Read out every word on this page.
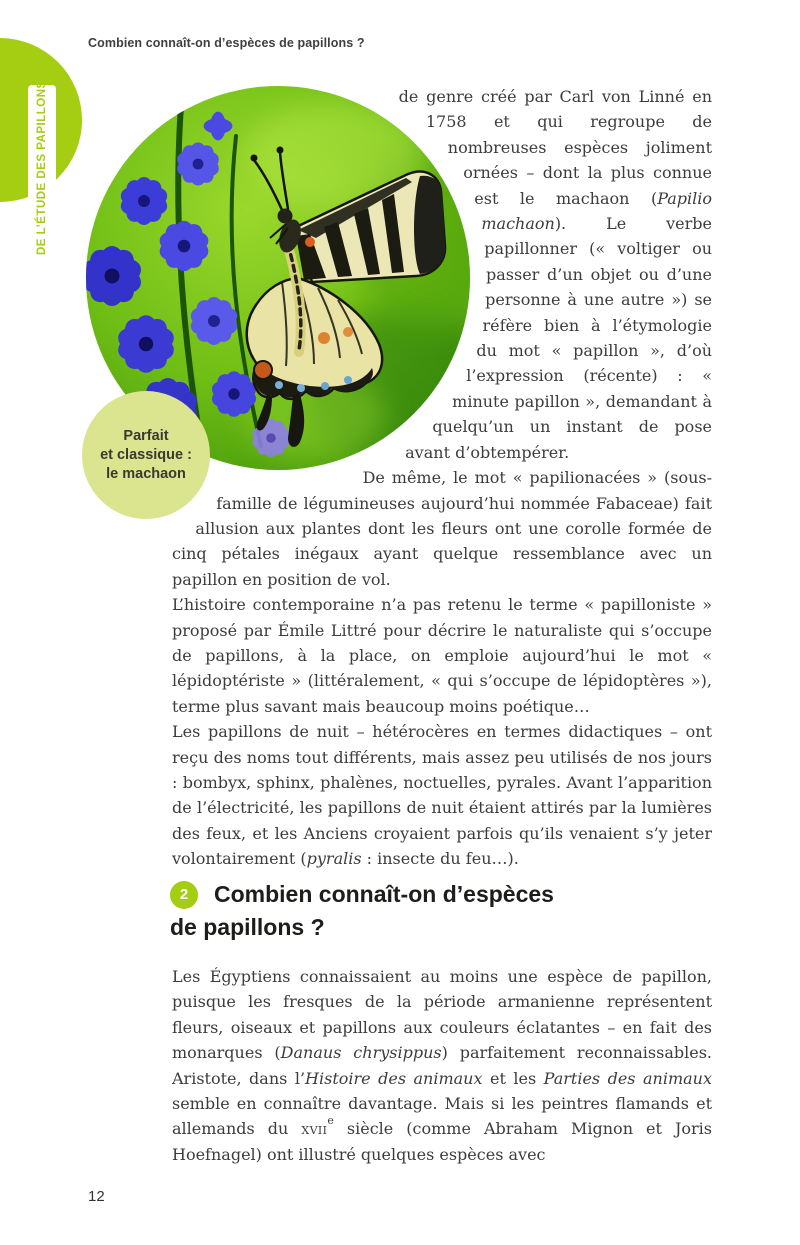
Combien connaît-on d’espèces de papillons ?
DE L’ÉTUDE DES PAPILLONS
Parfait
et classique :
le machaon

de genre créé par Carl von Linné en 1758 et qui regroupe de nombreuses espèces joliment ornées – dont la plus connue est le machaon (Papilio machaon). Le verbe papillonner (« voltiger ou passer d’un objet ou d’une personne à une autre ») se réfère bien à l’étymologie du mot « papillon », d’où l’expression (récente) : « minute papillon », demandant à quelqu’un un instant de pose avant d’obtempérer.

De même, le mot « papilionacées » (sous-famille de légumineuses aujourd’hui nommée Fabaceae) fait allusion aux plantes dont les fleurs ont une corolle formée de cinq pétales inégaux ayant quelque ressemblance avec un papillon en position de vol.

L’histoire contemporaine n’a pas retenu le terme « papilloniste » proposé par Émile Littré pour décrire le naturaliste qui s’occupe de papillons, à la place, on emploie aujourd’hui le mot « lépidoptériste » (littéralement, « qui s’occupe de lépidoptères »), terme plus savant mais beaucoup moins poétique…

Les papillons de nuit – hétérocères en termes didactiques – ont reçu des noms tout différents, mais assez peu utilisés de nos jours : bombyx, sphinx, phalènes, noctuelles, pyrales. Avant l’apparition de l’électricité, les papillons de nuit étaient attirés par la lumières des feux, et les Anciens croyaient parfois qu’ils venaient s’y jeter volontairement (pyralis : insecte du feu…).

2	Combien connaît-on d’espèces
de papillons ?

Les Égyptiens connaissaient au moins une espèce de papillon, puisque les fresques de la période armanienne représentent fleurs, oiseaux et papillons aux couleurs éclatantes – en fait des monarques (Danaus chrysippus) parfaitement reconnaissables. Aristote, dans l’Histoire des animaux et les Parties des animaux semble en connaître davantage. Mais si les peintres flamands et allemands du xvii$^e$ siècle (comme Abraham Mignon et Joris Hoefnagel) ont illustré quelques espèces avec

12
